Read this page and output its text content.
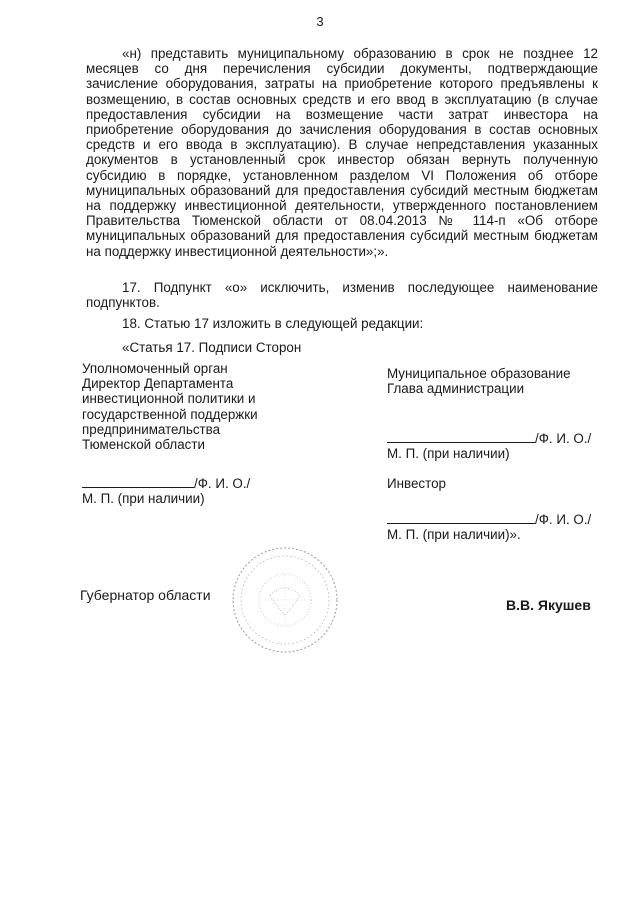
3

«н) представить муниципальному образованию в срок не позднее 12 месяцев со дня перечисления субсидии документы, подтверждающие зачисление оборудования, затраты на приобретение которого предъявлены к возмещению, в состав основных средств и его ввод в эксплуатацию (в случае предоставления субсидии на возмещение части затрат инвестора на приобретение оборудования до зачисления оборудования в состав основных средств и его ввода в эксплуатацию). В случае непредставления указанных документов в установленный срок инвестор обязан вернуть полученную субсидию в порядке, установленном разделом VI Положения об отборе муниципальных образований для предоставления субсидий местным бюджетам на поддержку инвестиционной деятельности, утвержденного постановлением Правительства Тюменской области от 08.04.2013 № 114-п «Об отборе муниципальных образований для предоставления субсидий местным бюджетам на поддержку инвестиционной деятельности»;».

17. Подпункт «о» исключить, изменив последующее наименование подпунктов.

18. Статью 17 изложить в следующей редакции:

«Статья 17. Подписи Сторон
Уполномоченный орган
Директор Департамента
инвестиционной политики и
государственной поддержки
предпринимательства
Тюменской области
/Ф. И. О./
М. П. (при наличии)
Муниципальное образование
Глава администрации
/Ф. И. О./
М. П. (при наличии)
Инвестор
/Ф. И. О./
М. П. (при наличии)».
Губернатор области
В.В. Якушев
